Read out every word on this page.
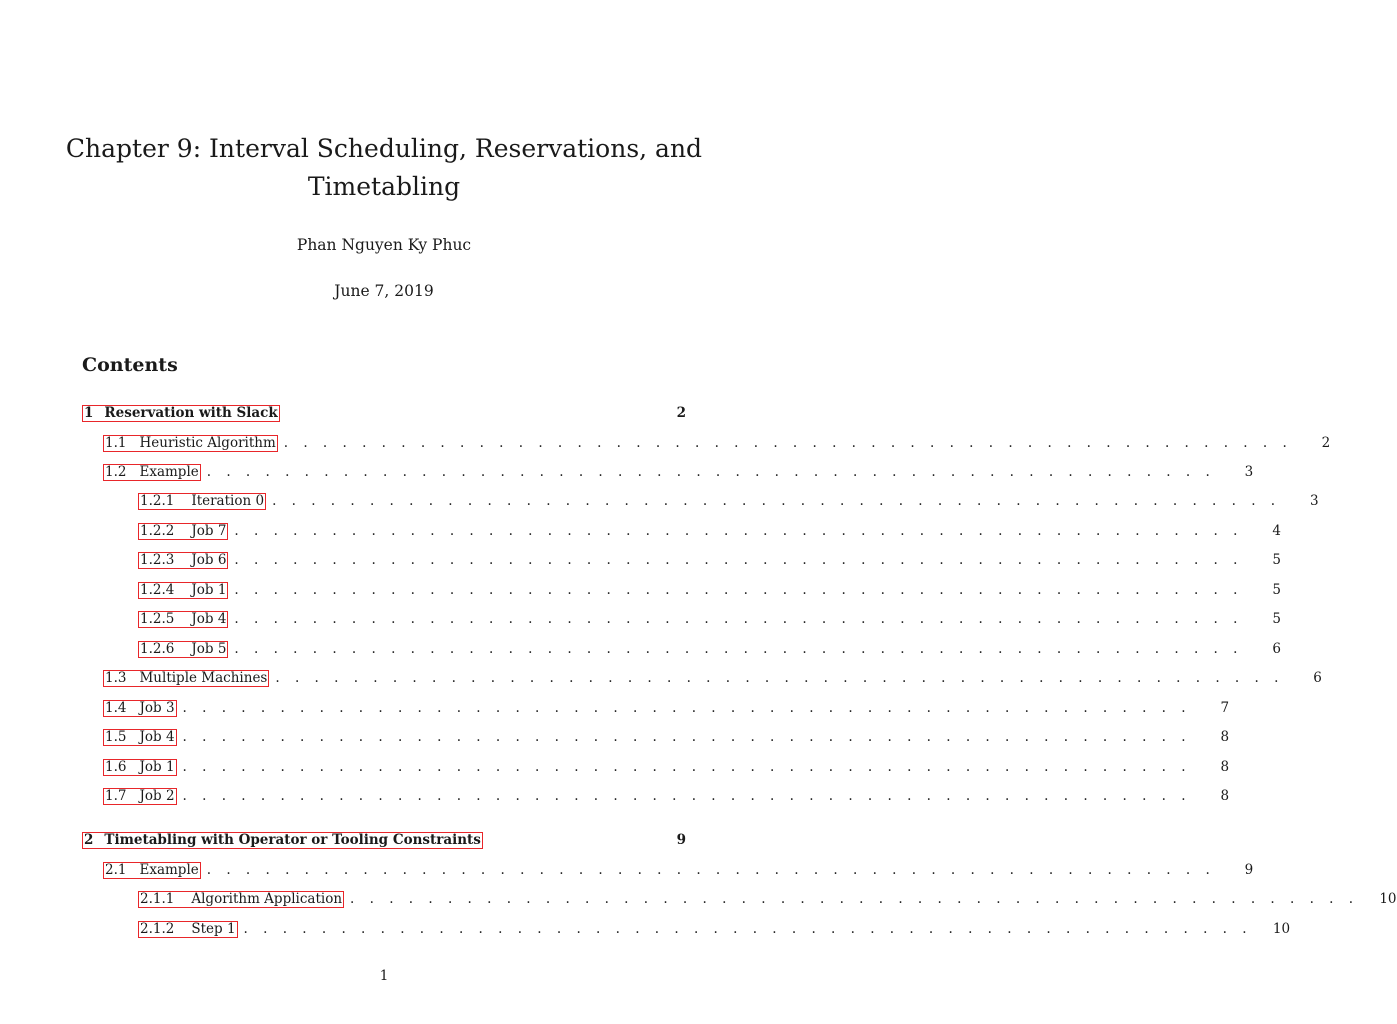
Chapter 9: Interval Scheduling, Reservations, and
Timetabling
Phan Nguyen Ky Phuc
June 7, 2019
Contents
1 Reservation with Slack	2
1.1 Heuristic Algorithm . . . . . . . . . . . . . . . . . . . . . . . . . . . . . . . . . . . . . . . . . . . . . . . . . . . .	2
1.2 Example . . . . . . . . . . . . . . . . . . . . . . . . . . . . . . . . . . . . . . . . . . . . . . . . . . . .	3
1.2.1 Iteration 0 . . . . . . . . . . . . . . . . . . . . . . . . . . . . . . . . . . . . . . . . . . . . . . . . . . . .	3
1.2.2 Job 7 . . . . . . . . . . . . . . . . . . . . . . . . . . . . . . . . . . . . . . . . . . . . . . . . . . . .	4
1.2.3 Job 6 . . . . . . . . . . . . . . . . . . . . . . . . . . . . . . . . . . . . . . . . . . . . . . . . . . . .	5
1.2.4 Job 1 . . . . . . . . . . . . . . . . . . . . . . . . . . . . . . . . . . . . . . . . . . . . . . . . . . . .	5
1.2.5 Job 4 . . . . . . . . . . . . . . . . . . . . . . . . . . . . . . . . . . . . . . . . . . . . . . . . . . . .	5
1.2.6 Job 5 . . . . . . . . . . . . . . . . . . . . . . . . . . . . . . . . . . . . . . . . . . . . . . . . . . . .	6
1.3 Multiple Machines . . . . . . . . . . . . . . . . . . . . . . . . . . . . . . . . . . . . . . . . . . . . . . . . . . . .	6
1.4 Job 3 . . . . . . . . . . . . . . . . . . . . . . . . . . . . . . . . . . . . . . . . . . . . . . . . . . . .	7
1.5 Job 4 . . . . . . . . . . . . . . . . . . . . . . . . . . . . . . . . . . . . . . . . . . . . . . . . . . . .	8
1.6 Job 1 . . . . . . . . . . . . . . . . . . . . . . . . . . . . . . . . . . . . . . . . . . . . . . . . . . . .	8
1.7 Job 2 . . . . . . . . . . . . . . . . . . . . . . . . . . . . . . . . . . . . . . . . . . . . . . . . . . . .	8
2 Timetabling with Operator or Tooling Constraints	9
2.1 Example . . . . . . . . . . . . . . . . . . . . . . . . . . . . . . . . . . . . . . . . . . . . . . . . . . . .	9
2.1.1 Algorithm Application . . . . . . . . . . . . . . . . . . . . . . . . . . . . . . . . . . . . . . . . . . . . . . . . . . . .	10
2.1.2 Step 1 . . . . . . . . . . . . . . . . . . . . . . . . . . . . . . . . . . . . . . . . . . . . . . . . . . . .	10
1
